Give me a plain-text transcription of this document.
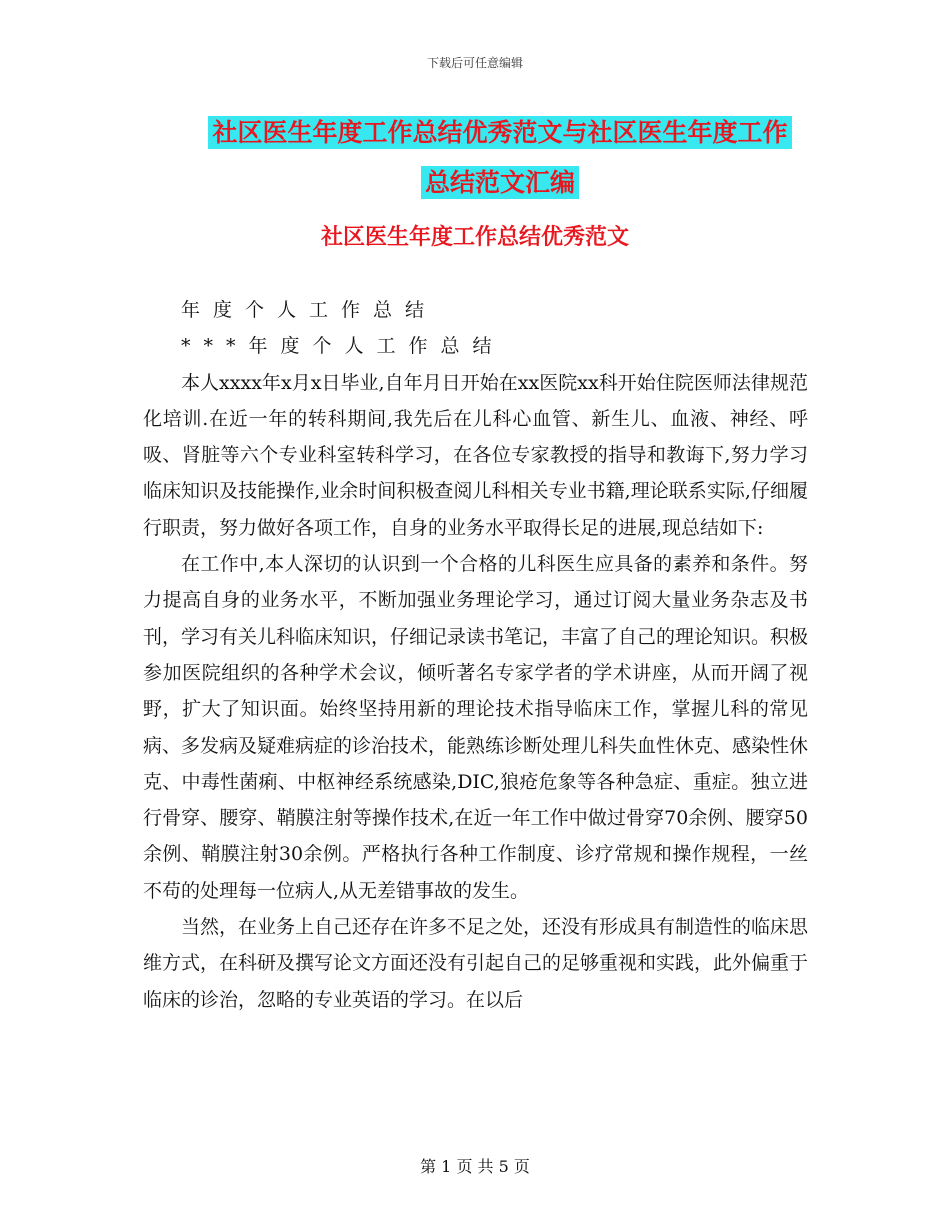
下载后可任意编辑
社区医生年度工作总结优秀范文与社区医生年度工作
总结范文汇编
社区医生年度工作总结优秀范文

年度个人工作总结

***年度个人工作总结

本人xxxx年x月x日毕业,自年月日开始在xx医院xx科开始住院医师法律规范化培训.在近一年的转科期间,我先后在儿科心血管、新生儿、血液、神经、呼吸、肾脏等六个专业科室转科学习，在各位专家教授的指导和教诲下,努力学习临床知识及技能操作,业余时间积极查阅儿科相关专业书籍,理论联系实际,仔细履行职责，努力做好各项工作，自身的业务水平取得长足的进展,现总结如下:

在工作中,本人深切的认识到一个合格的儿科医生应具备的素养和条件。努力提高自身的业务水平，不断加强业务理论学习，通过订阅大量业务杂志及书刊，学习有关儿科临床知识，仔细记录读书笔记，丰富了自己的理论知识。积极参加医院组织的各种学术会议，倾听著名专家学者的学术讲座，从而开阔了视野，扩大了知识面。始终坚持用新的理论技术指导临床工作，掌握儿科的常见病、多发病及疑难病症的诊治技术，能熟练诊断处理儿科失血性休克、感染性休克、中毒性菌痢、中枢神经系统感染,DIC,狼疮危象等各种急症、重症。独立进行骨穿、腰穿、鞘膜注射等操作技术,在近一年工作中做过骨穿70余例、腰穿50余例、鞘膜注射30余例。严格执行各种工作制度、诊疗常规和操作规程，一丝不苟的处理每一位病人,从无差错事故的发生。

当然，在业务上自己还存在许多不足之处，还没有形成具有制造性的临床思维方式，在科研及撰写论文方面还没有引起自己的足够重视和实践，此外偏重于临床的诊治，忽略的专业英语的学习。在以后

第 1 页 共 5 页
